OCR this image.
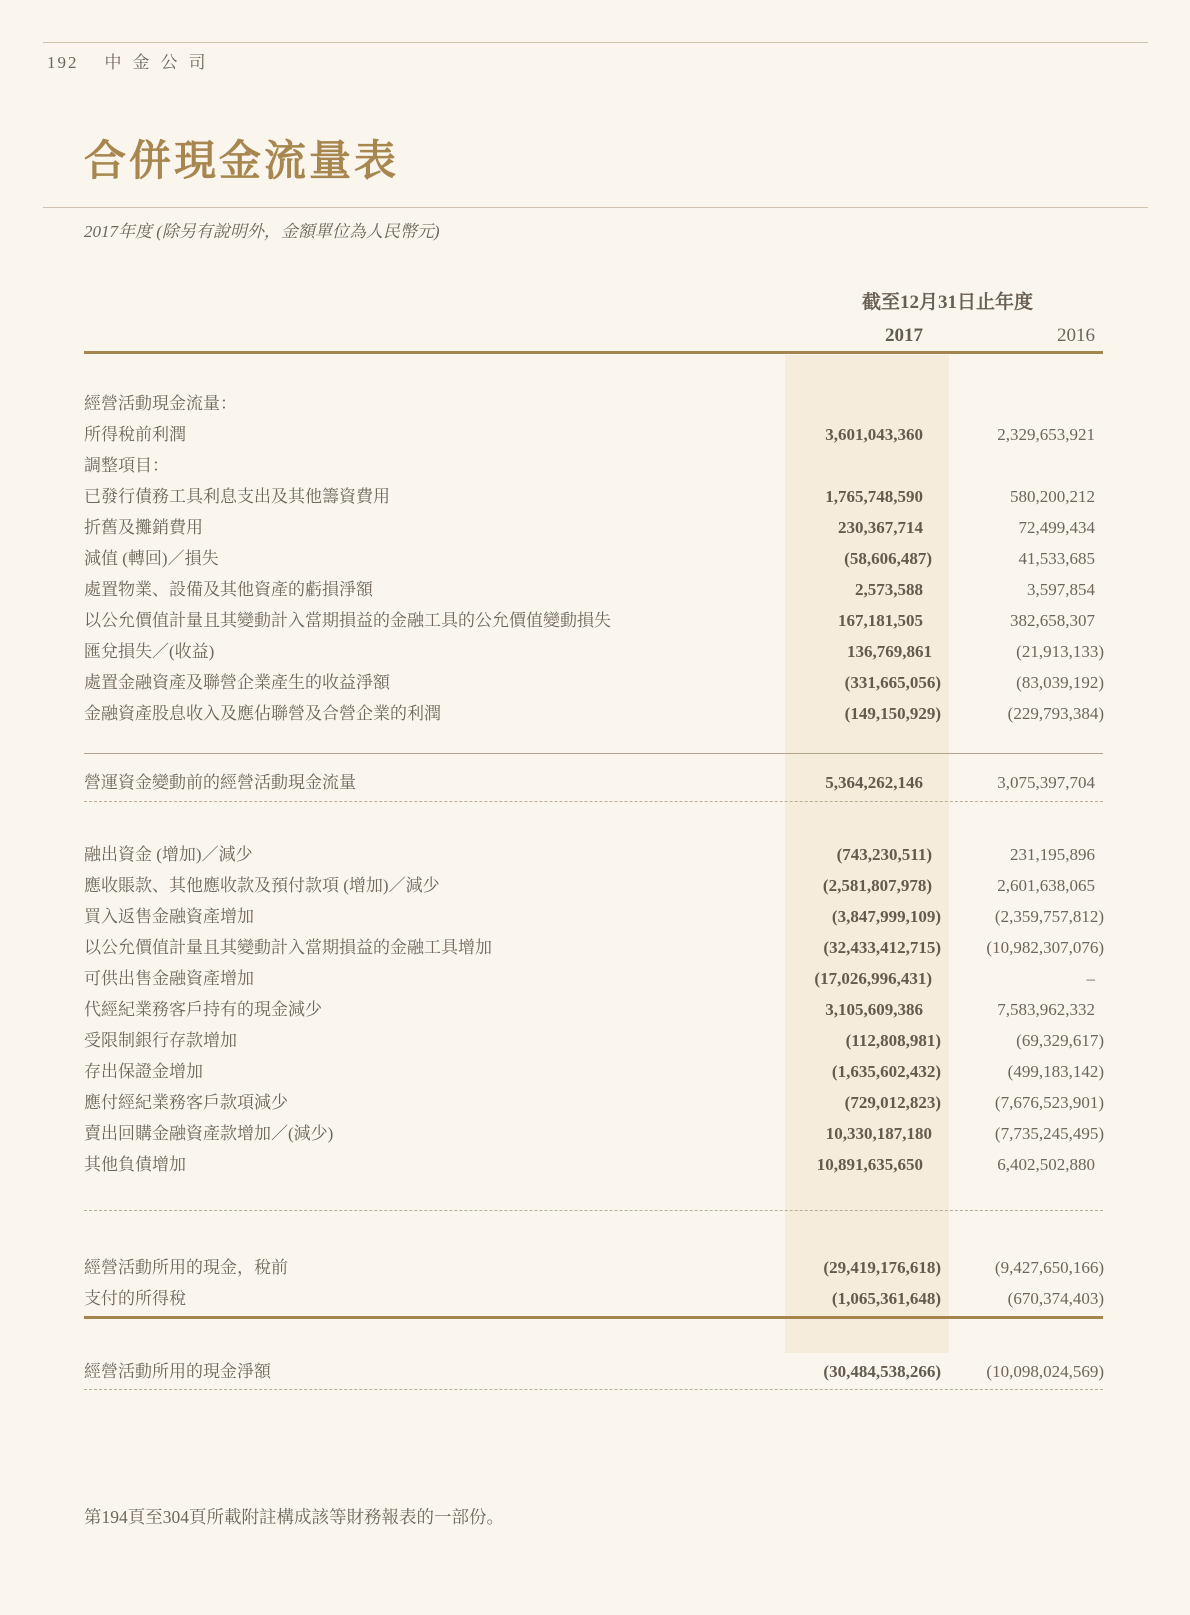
192 中金公司
合併現金流量表
2017年度 (除另有說明外，金額單位為人民幣元)
截至12月31日止年度
2017	2016
經營活動現金流量：
所得稅前利潤	3,601,043,360	2,329,653,921
調整項目：
已發行債務工具利息支出及其他籌資費用	1,765,748,590	580,200,212
折舊及攤銷費用	230,367,714	72,499,434
減值 (轉回)／損失	(58,606,487)	41,533,685
處置物業、設備及其他資產的虧損淨額	2,573,588	3,597,854
以公允價值計量且其變動計入當期損益的金融工具的公允價值變動損失	167,181,505	382,658,307
匯兌損失／(收益)	136,769,861	(21,913,133)
處置金融資產及聯營企業產生的收益淨額	(331,665,056)	(83,039,192)
金融資產股息收入及應佔聯營及合營企業的利潤	(149,150,929)	(229,793,384)
營運資金變動前的經營活動現金流量	5,364,262,146	3,075,397,704
融出資金 (增加)／減少	(743,230,511)	231,195,896
應收賬款、其他應收款及預付款項 (增加)／減少	(2,581,807,978)	2,601,638,065
買入返售金融資產增加	(3,847,999,109)	(2,359,757,812)
以公允價值計量且其變動計入當期損益的金融工具增加	(32,433,412,715)	(10,982,307,076)
可供出售金融資產增加	(17,026,996,431)	–
代經紀業務客戶持有的現金減少	3,105,609,386	7,583,962,332
受限制銀行存款增加	(112,808,981)	(69,329,617)
存出保證金增加	(1,635,602,432)	(499,183,142)
應付經紀業務客戶款項減少	(729,012,823)	(7,676,523,901)
賣出回購金融資產款增加／(減少)	10,330,187,180	(7,735,245,495)
其他負債增加	10,891,635,650	6,402,502,880
經營活動所用的現金，稅前	(29,419,176,618)	(9,427,650,166)
支付的所得稅	(1,065,361,648)	(670,374,403)
經營活動所用的現金淨額	(30,484,538,266)	(10,098,024,569)
第194頁至304頁所載附註構成該等財務報表的一部份。
